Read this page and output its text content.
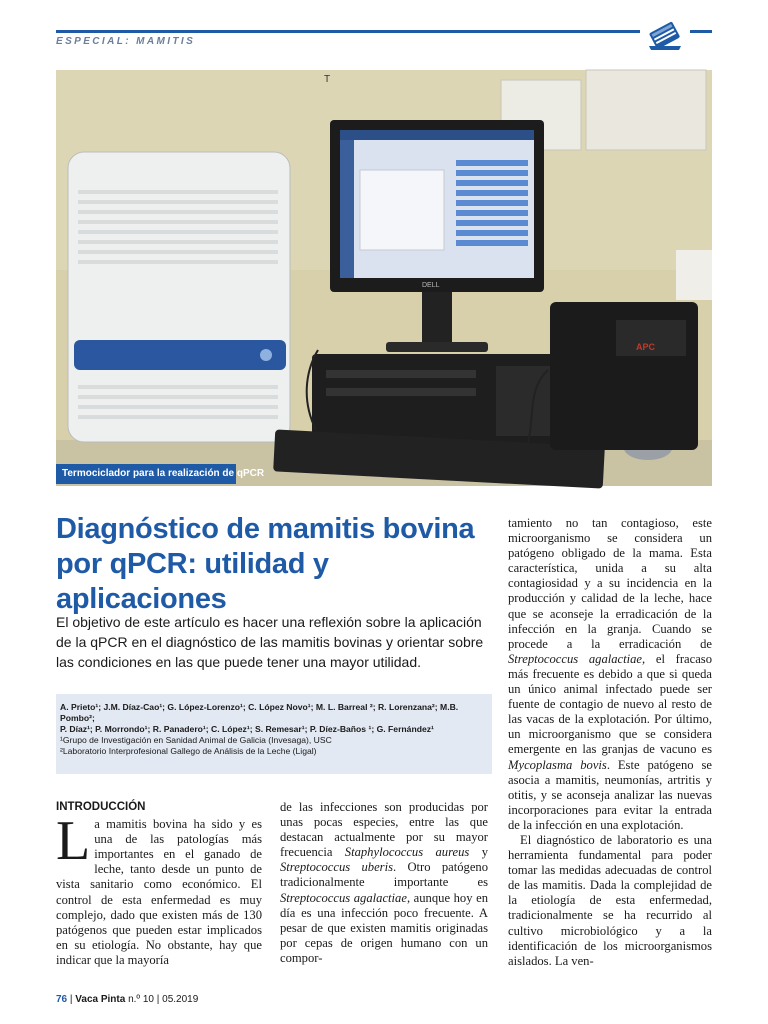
ESPECIAL: MAMITIS
T
DELL
APC
Termociclador para la realización de qPCR
Diagnóstico de mamitis bovina
por qPCR: utilidad y aplicaciones
El objetivo de este artículo es hacer una reflexión sobre la aplicación de la qPCR en el diagnóstico de las mamitis bovinas y orientar sobre las condiciones en las que puede tener una mayor utilidad.
A. Prieto¹; J.M. Díaz-Cao¹; G. López-Lorenzo¹; C. López Novo¹; M. L. Barreal ²; R. Lorenzana²; M.B. Pombo²;
P. Díaz¹; P. Morrondo¹; R. Panadero¹; C. López¹; S. Remesar¹; P. Díez-Baños ¹; G. Fernández¹
¹Grupo de Investigación en Sanidad Animal de Galicia (Invesaga), USC
²Laboratorio Interprofesional Gallego de Análisis de la Leche (Ligal)
INTRODUCCIÓN

La mamitis bovina ha sido y es una de las patologías más importantes en el ganado de leche, tanto desde un punto de vista sanitario como económico. El control de esta enfermedad es muy complejo, dado que existen más de 130 patógenos que pueden estar implicados en su etiología. No obstante, hay que indicar que la mayoría

de las infecciones son producidas por unas pocas especies, entre las que destacan actualmente por su mayor frecuencia Staphylococcus aureus y Streptococcus uberis. Otro patógeno tradicionalmente importante es Streptococcus agalactiae, aunque hoy en día es una infección poco frecuente. A pesar de que existen mamitis originadas por cepas de origen humano con un compor-

tamiento no tan contagioso, este microorganismo se considera un patógeno obligado de la mama. Esta característica, unida a su alta contagiosidad y a su incidencia en la producción y calidad de la leche, hace que se aconseje la erradicación de la infección en la granja. Cuando se procede a la erradicación de Streptococcus agalactiae, el fracaso más frecuente es debido a que si queda un único animal infectado puede ser fuente de contagio de nuevo al resto de las vacas de la explotación. Por último, un microorganismo que se considera emergente en las granjas de vacuno es Mycoplasma bovis. Este patógeno se asocia a mamitis, neumonías, artritis y otitis, y se aconseja analizar las nuevas incorporaciones para evitar la entrada de la infección en una explotación.

El diagnóstico de laboratorio es una herramienta fundamental para poder tomar las medidas adecuadas de control de las mamitis. Dada la complejidad de la etiología de esta enfermedad, tradicionalmente se ha recurrido al cultivo microbiológico y a la identificación de los microorganismos aislados. La ven-

76 | Vaca Pinta n.º 10 | 05.2019
